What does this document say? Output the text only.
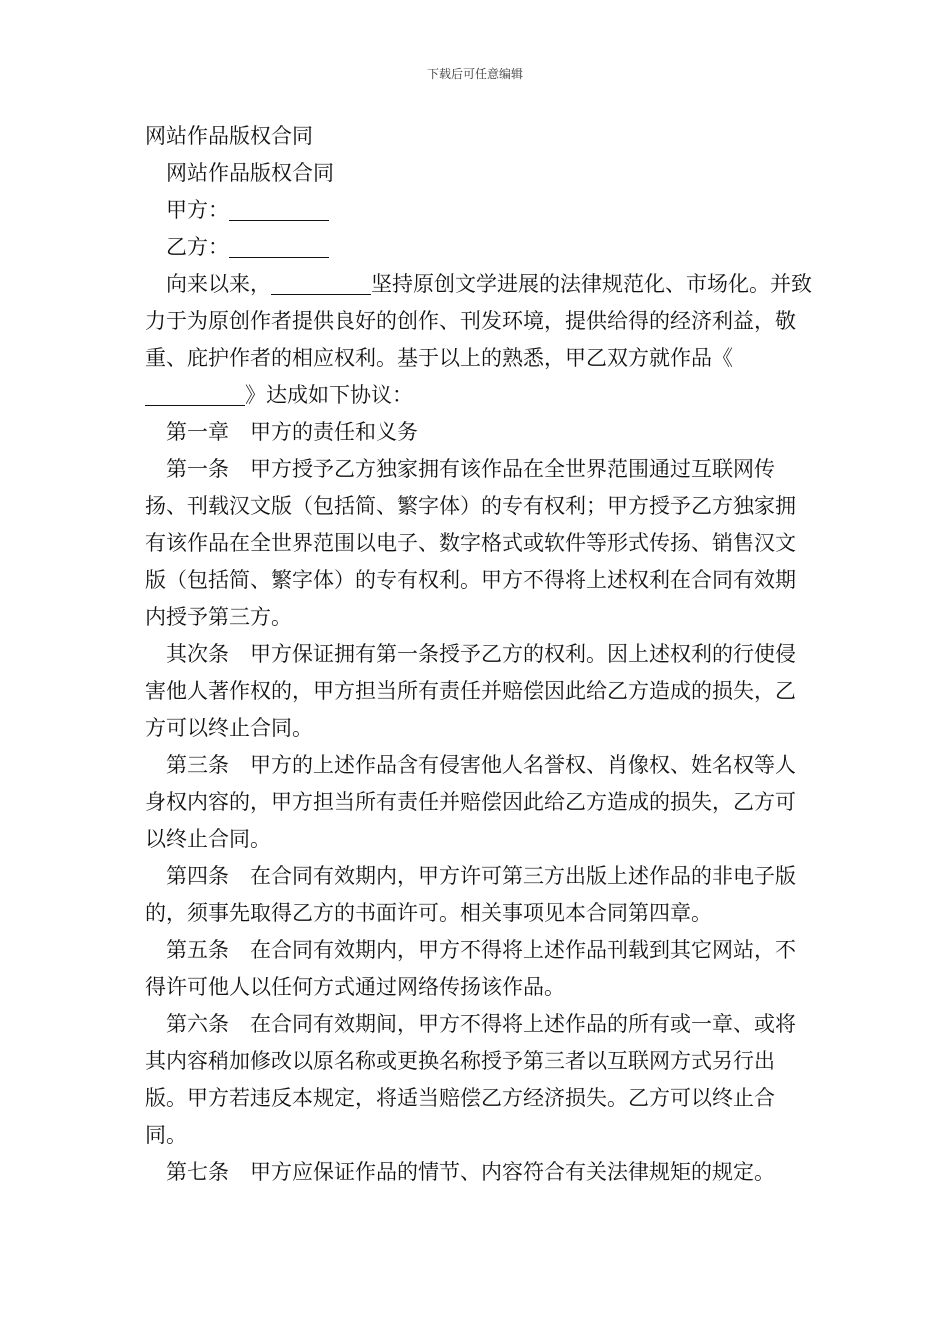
下载后可任意编辑

网站作品版权合同

网站作品版权合同

甲方：

乙方：

向来以来，	坚持原创文学进展的法律规范化、市场化。并致力于为原创作者提供良好的创作、刊发环境，提供给得的经济利益，敬重、庇护作者的相应权利。基于以上的熟悉，甲乙双方就作品《》达成如下协议：

第一章　甲方的责任和义务

第一条　甲方授予乙方独家拥有该作品在全世界范围通过互联网传扬、刊载汉文版（包括简、繁字体）的专有权利；甲方授予乙方独家拥有该作品在全世界范围以电子、数字格式或软件等形式传扬、销售汉文版（包括简、繁字体）的专有权利。甲方不得将上述权利在合同有效期内授予第三方。

其次条　甲方保证拥有第一条授予乙方的权利。因上述权利的行使侵害他人著作权的，甲方担当所有责任并赔偿因此给乙方造成的损失，乙方可以终止合同。

第三条　甲方的上述作品含有侵害他人名誉权、肖像权、姓名权等人身权内容的，甲方担当所有责任并赔偿因此给乙方造成的损失，乙方可以终止合同。

第四条　在合同有效期内，甲方许可第三方出版上述作品的非电子版的，须事先取得乙方的书面许可。相关事项见本合同第四章。

第五条　在合同有效期内，甲方不得将上述作品刊载到其它网站，不得许可他人以任何方式通过网络传扬该作品。

第六条　在合同有效期间，甲方不得将上述作品的所有或一章、或将其内容稍加修改以原名称或更换名称授予第三者以互联网方式另行出版。甲方若违反本规定，将适当赔偿乙方经济损失。乙方可以终止合同。

第七条　甲方应保证作品的情节、内容符合有关法律规矩的规定。
